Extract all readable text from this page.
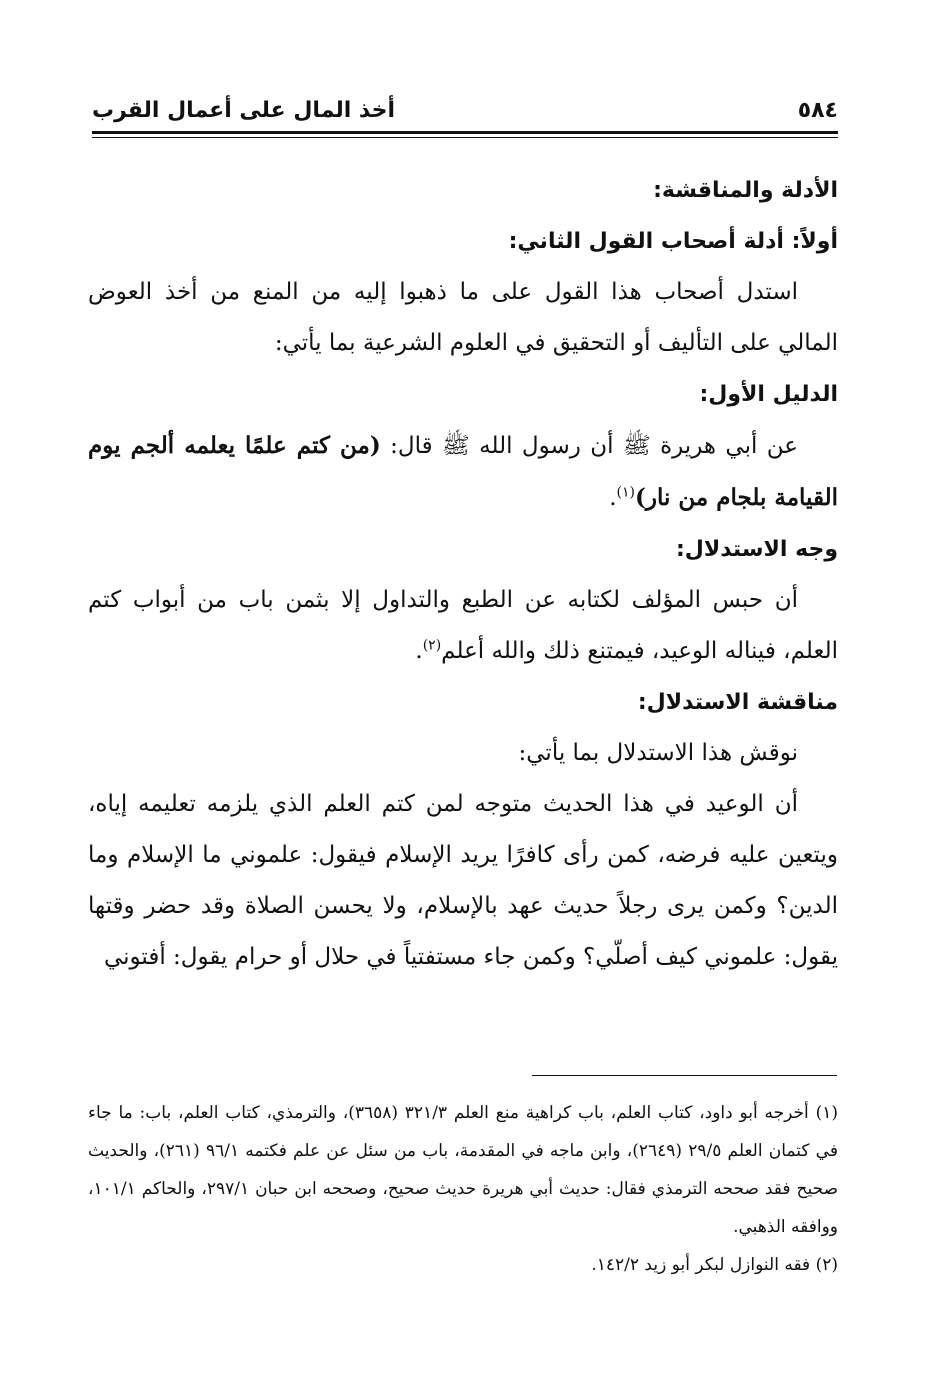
٥٨٤
أخذ المال على أعمال القرب

الأدلة والمناقشة:

أولاً: أدلة أصحاب القول الثاني:

استدل أصحاب هذا القول على ما ذهبوا إليه من المنع من أخذ العوض المالي على التأليف أو التحقيق في العلوم الشرعية بما يأتي:

الدليل الأول:

عن أبي هريرة ﷺ أن رسول الله ﷺ قال: (من كتم علمًا يعلمه ألجم يوم القيامة بلجام من نار)$^{(١)}$.

وجه الاستدلال:

أن حبس المؤلف لكتابه عن الطبع والتداول إلا بثمن باب من أبواب كتم العلم، فيناله الوعيد، فيمتنع ذلك والله أعلم$^{(٢)}$.

مناقشة الاستدلال:

نوقش هذا الاستدلال بما يأتي:

أن الوعيد في هذا الحديث متوجه لمن كتم العلم الذي يلزمه تعليمه إياه، ويتعين عليه فرضه، كمن رأى كافرًا يريد الإسلام فيقول: علموني ما الإسلام وما الدين؟ وكمن يرى رجلاً حديث عهد بالإسلام، ولا يحسن الصلاة وقد حضر وقتها يقول: علموني كيف أصلّي؟ وكمن جاء مستفتياً في حلال أو حرام يقول: أفتوني

(١) أخرجه أبو داود، كتاب العلم، باب كراهية منع العلم ٣٢١/٣ (٣٦٥٨)، والترمذي، كتاب العلم، باب: ما جاء في كتمان العلم ٢٩/٥ (٢٦٤٩)، وابن ماجه في المقدمة، باب من سئل عن علم فكتمه ٩٦/١ (٢٦١)، والحديث صحيح فقد صححه الترمذي فقال: حديث أبي هريرة حديث صحيح، وصححه ابن حبان ٢٩٧/١، والحاكم ١٠١/١، ووافقه الذهبي.

(٢) فقه النوازل لبكر أبو زيد ١٤٢/٢.
